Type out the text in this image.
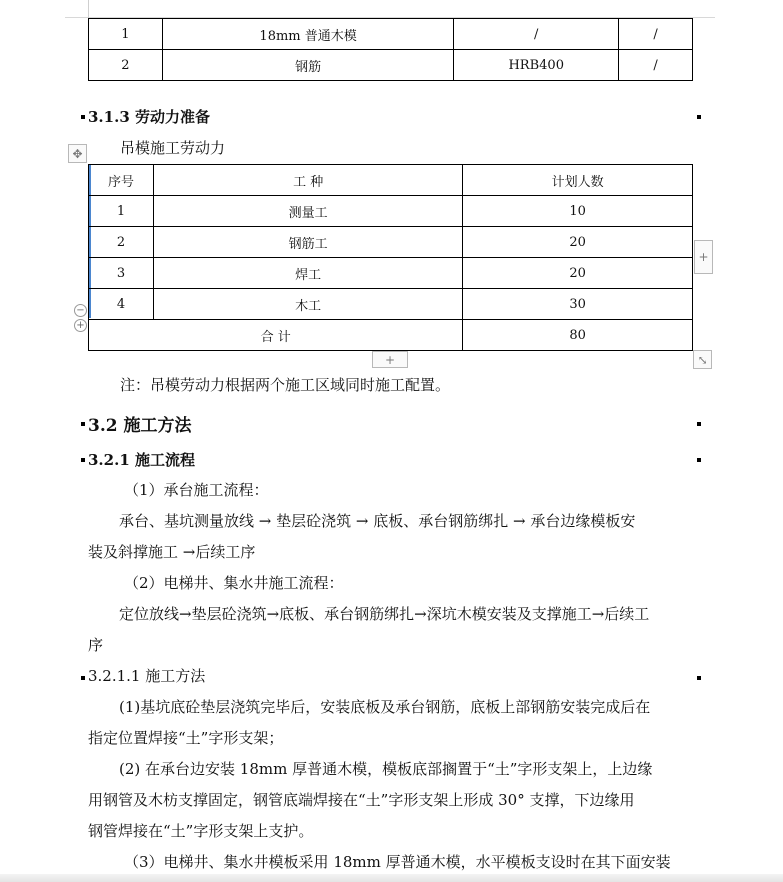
1	18mm 普通木模	/	/
2	钢筋	HRB400	/
3.1.3 劳动力准备
✥ 吊模施工劳动力
序号	工 种	计划人数
1	测量工	10
2	钢筋工	20
3	焊工	20
4	木工	30
合 计	80
−
+
+
+	⤡
注：吊模劳动力根据两个施工区域同时施工配置。
3.2 施工方法
3.2.1 施工流程
（1）承台施工流程：
承台、基坑测量放线 → 垫层砼浇筑 → 底板、承台钢筋绑扎 → 承台边缘模板安
装及斜撑施工 →后续工序
（2）电梯井、集水井施工流程：
定位放线→垫层砼浇筑→底板、承台钢筋绑扎→深坑木模安装及支撑施工→后续工
序
3.2.1.1 施工方法
(1)基坑底砼垫层浇筑完毕后，安装底板及承台钢筋，底板上部钢筋安装完成后在
指定位置焊接“土”字形支架；
(2) 在承台边安装 18mm 厚普通木模，模板底部搁置于“土”字形支架上，上边缘
用钢管及木枋支撑固定，钢管底端焊接在“土”字形支架上形成 30° 支撑，下边缘用
钢管焊接在“土”字形支架上支护。
（3）电梯井、集水井模板采用 18mm 厚普通木模，水平模板支设时在其下面安装
